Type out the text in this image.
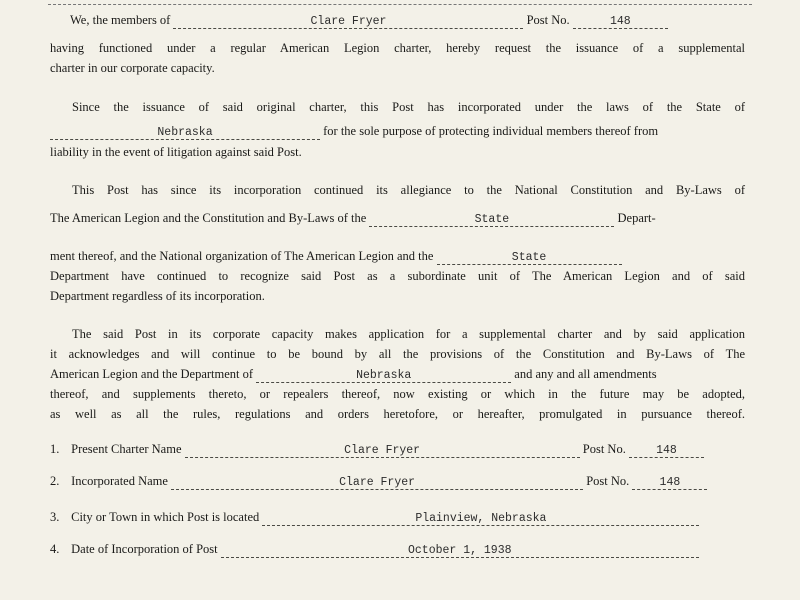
We, the members of	Clare Fryer	Post No.	148
having functioned under a regular American Legion charter, hereby request the issuance of a supplemental
charter in our corporate capacity.
Since the issuance of said original charter, this Post has incorporated under the laws of the State of
Nebraska	for the sole purpose of protecting individual members thereof from
liability in the event of litigation against said Post.
This Post has since its incorporation continued its allegiance to the National Constitution and By-Laws of
The American Legion and the Constitution and By-Laws of the	State	Depart-
ment thereof, and the National organization of The American Legion and the	State
Department have continued to recognize said Post as a subordinate unit of The American Legion and of said
Department regardless of its incorporation.
The said Post in its corporate capacity makes application for a supplemental charter and by said application
it acknowledges and will continue to be bound by all the provisions of the Constitution and By-Laws of The
American Legion and the Department of	Nebraska	and any and all amendments
thereof, and supplements thereto, or repealers thereof, now existing or which in the future may be adopted,
as well as all the rules, regulations and orders heretofore, or hereafter, promulgated in pursuance thereof.
1. Present Charter Name	Clare Fryer	Post No.	148
2. Incorporated Name	Clare Fryer	Post No.	148
3. City or Town in which Post is located	Plainview, Nebraska
4. Date of Incorporation of Post	October 1, 1938
